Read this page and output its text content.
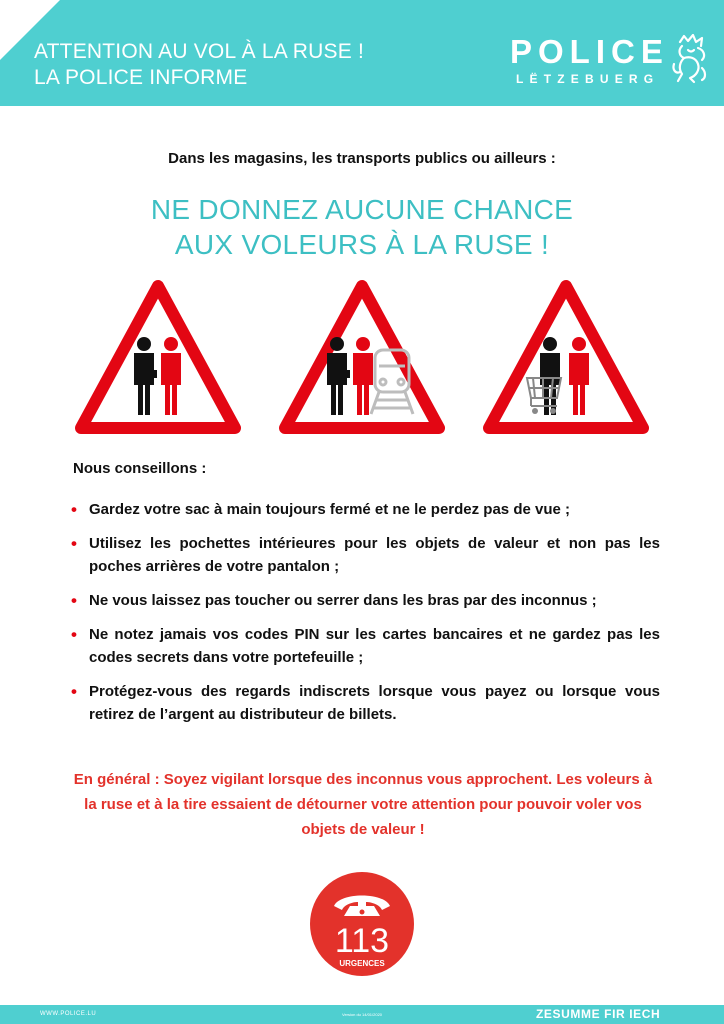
ATTENTION AU VOL À LA RUSE !
LA POLICE INFORME
POLICE
LËTZEBUERG
Dans les magasins, les transports publics ou ailleurs :
NE DONNEZ AUCUNE CHANCE
AUX VOLEURS À LA RUSE !
Nous conseillons :
• Gardez votre sac à main toujours fermé et ne le perdez pas de vue ;
• Utilisez les pochettes intérieures pour les objets de valeur et non pas les poches arrières de votre pantalon ;
• Ne vous laissez pas toucher ou serrer dans les bras par des inconnus ;
• Ne notez jamais vos codes PIN sur les cartes bancaires et ne gardez pas les codes secrets dans votre portefeuille ;
• Protégez-vous des regards indiscrets lorsque vous payez ou lorsque vous retirez de l’argent au distributeur de billets.
En général : Soyez vigilant lorsque des inconnus vous approchent. Les voleurs à la ruse et à la tire essaient de détourner votre attention pour pouvoir voler vos objets de valeur !
113
URGENCES
WWW.POLICE.LU	Version du 14/01/2020	ZESUMME FIR IECH
